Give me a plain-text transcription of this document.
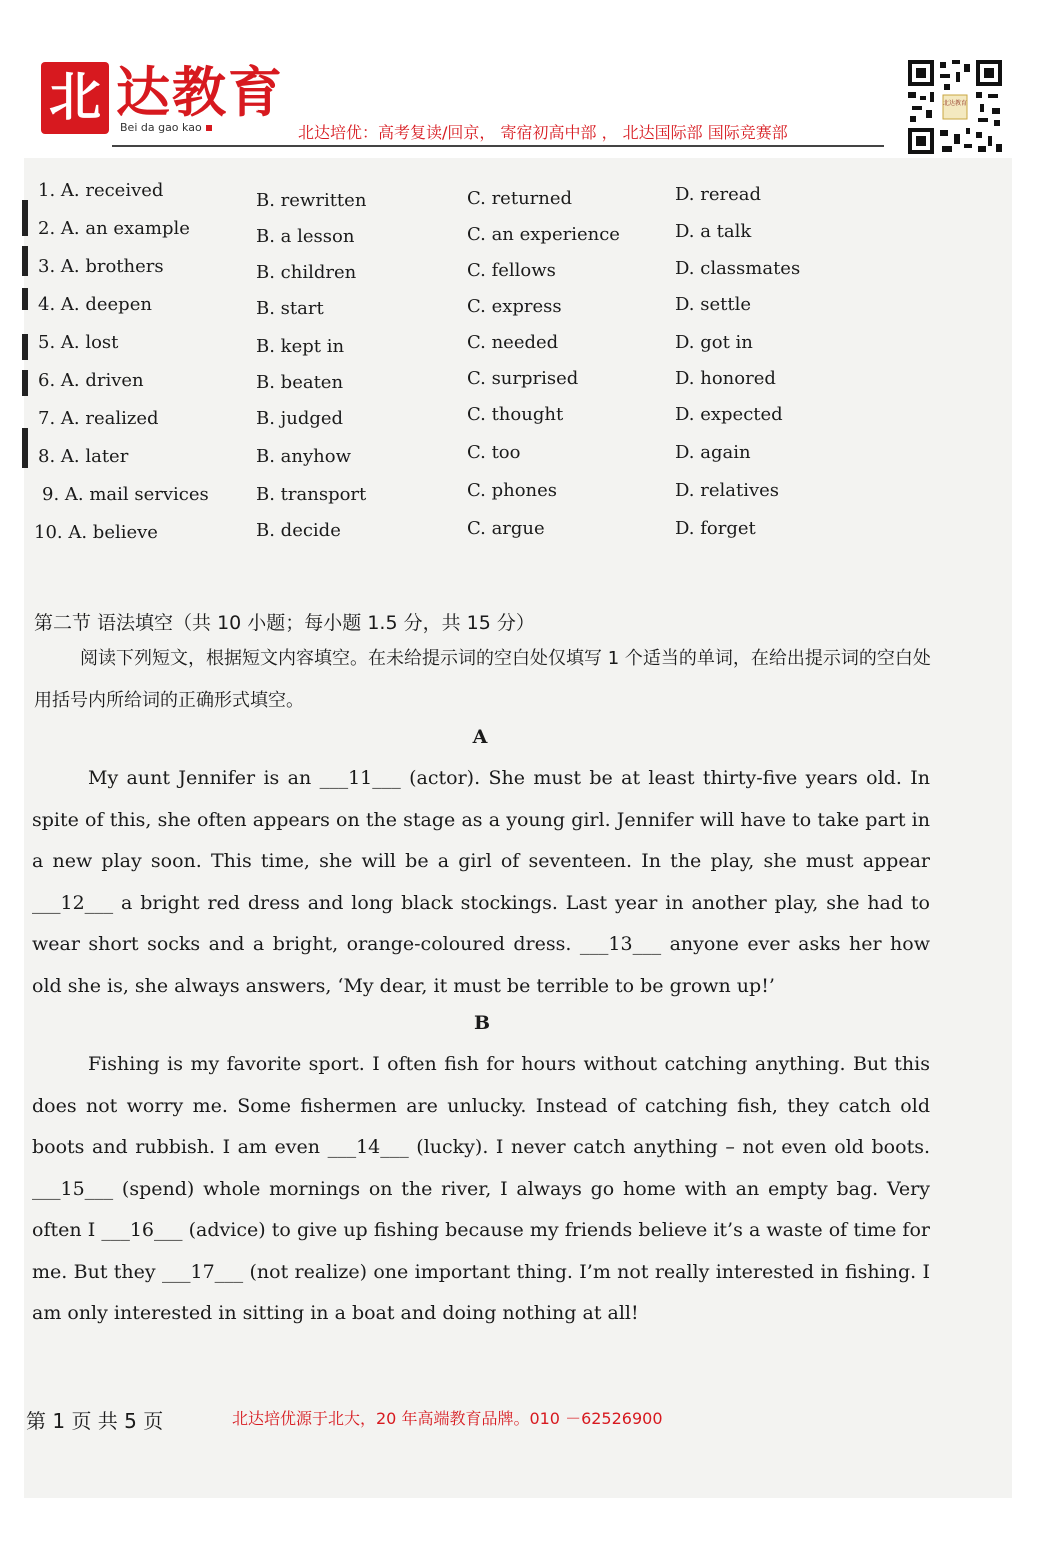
北 达教育
Bei da gao kao	北达培优：高考复读/回京， 寄宿初高中部 ， 北达国际部 国际竞赛部
北达教育
1. A. received	B. rewritten	C. returned	D. reread
2. A. an example	B. a lesson	C. an experience	D. a talk
3. A. brothers	B. children	C. fellows	D. classmates
4. A. deepen	B. start	C. express	D. settle
5. A. lost	B. kept in	C. needed	D. got in
6. A. driven	B. beaten	C. surprised	D. honored
7. A. realized	B. judged	C. thought	D. expected
8. A. later	B. anyhow	C. too	D. again
9. A. mail services	B. transport	C. phones	D. relatives
10. A. believe	B. decide	C. argue	D. forget
第二节 语法填空（共 10 小题；每小题 1.5 分，共 15 分）
阅读下列短文，根据短文内容填空。在未给提示词的空白处仅填写 1 个适当的单词，在给出提示词的空白处用括号内所给词的正确形式填空。
A
My aunt Jennifer is an ___11___ (actor). She must be at least thirty-five years old. In spite of this, she often appears on the stage as a young girl. Jennifer will have to take part in a new play soon. This time, she will be a girl of seventeen. In the play, she must appear ___12___ a bright red dress and long black stockings. Last year in another play, she had to wear short socks and a bright, orange-coloured dress. ___13___ anyone ever asks her how old she is, she always answers, ‘My dear, it must be terrible to be grown up!’
B
Fishing is my favorite sport. I often fish for hours without catching anything. But this does not worry me. Some fishermen are unlucky. Instead of catching fish, they catch old boots and rubbish. I am even ___14___ (lucky). I never catch anything – not even old boots. ___15___ (spend) whole mornings on the river, I always go home with an empty bag. Very often I ___16___ (advice) to give up fishing because my friends believe it’s a waste of time for me. But they ___17___ (not realize) one important thing. I’m not really interested in fishing. I am only interested in sitting in a boat and doing nothing at all!
第 1 页 共 5 页	北达培优源于北大，20 年高端教育品牌。010 －62526900
